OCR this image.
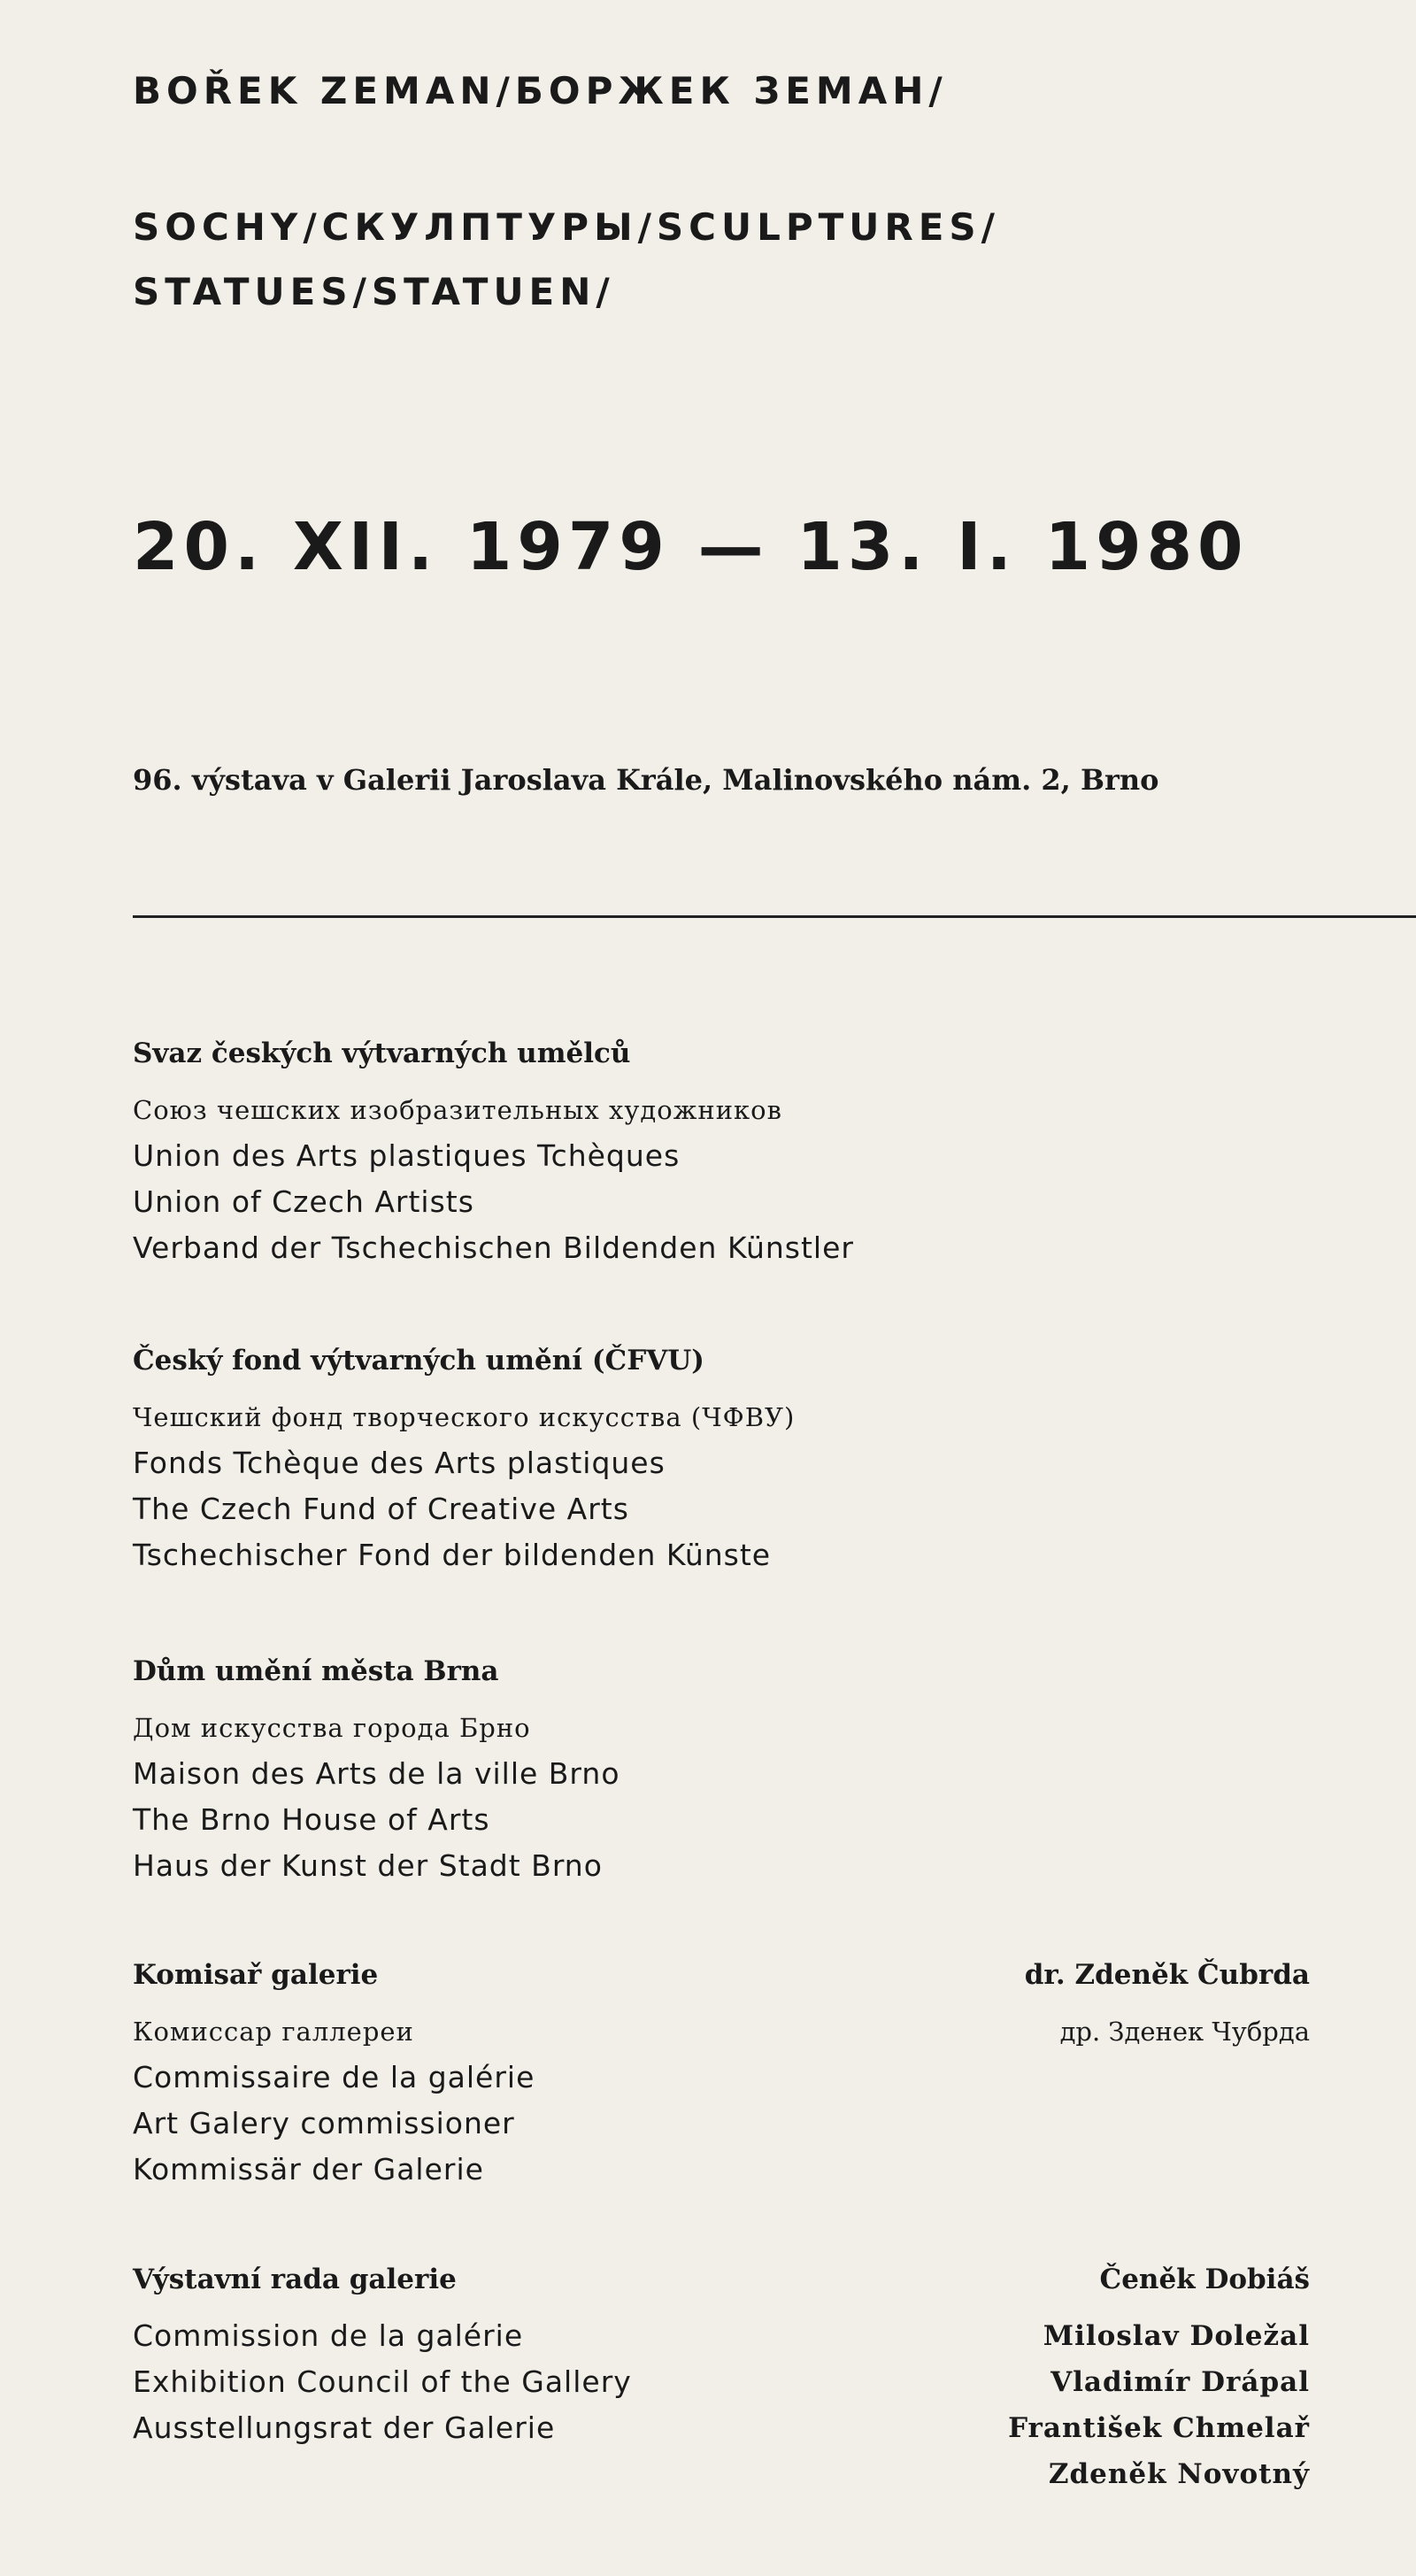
BOŘEK ZEMAN/БОРЖЕК ЗЕМАН/
SOCHY/СКУЛПТУРЫ/SCULPTURES/
STATUES/STATUEN/
20. XII. 1979 — 13. I. 1980
96. výstava v Galerii Jaroslava Krále, Malinovského nám. 2, Brno
Svaz českých výtvarných umělců
Союз чешских изобразительных художников
Union des Arts plastiques Tchèques
Union of Czech Artists
Verband der Tschechischen Bildenden Künstler
Český fond výtvarných umění (ČFVU)
Чешский фонд творческого искусства (ЧФВУ)
Fonds Tchèque des Arts plastiques
The Czech Fund of Creative Arts
Tschechischer Fond der bildenden Künste
Dům umění města Brna
Дом искусства города Брно
Maison des Arts de la ville Brno
The Brno House of Arts
Haus der Kunst der Stadt Brno
Komisař galerie
Комиссар галлереи
Commissaire de la galérie
Art Galery commissioner
Kommissär der Galerie
dr. Zdeněk Čubrda
др. Зденек Чубрда
Výstavní rada galerie
Commission de la galérie
Exhibition Council of the Gallery
Ausstellungsrat der Galerie
Čeněk Dobiáš
Miloslav Doležal
Vladimír Drápal
František Chmelař
Zdeněk Novotný
